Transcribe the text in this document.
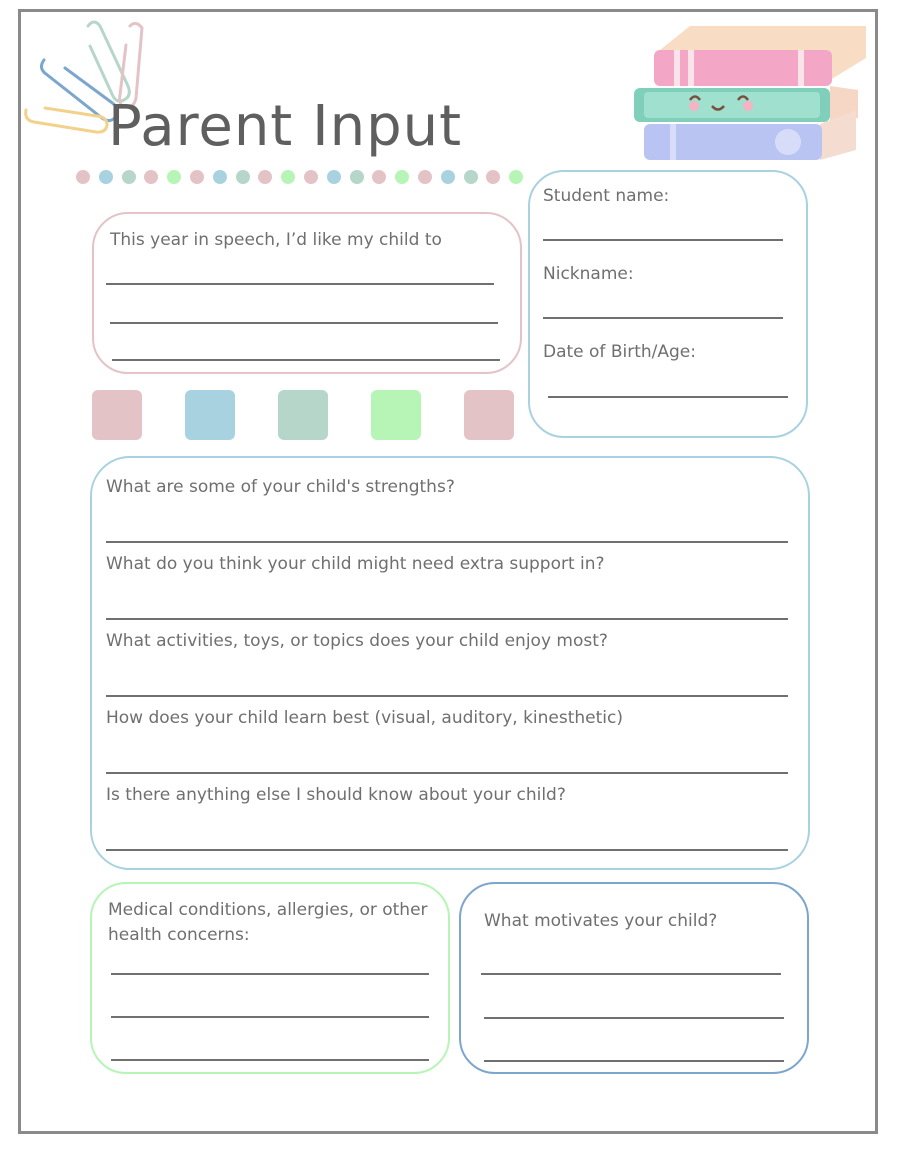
Parent Input
This year in speech, I’d like my child to
Student name:
Nickname:
Date of Birth/Age:
What are some of your child's strengths?
What do you think your child might need extra support in?
What activities, toys, or topics does your child enjoy most?
How does your child learn best (visual, auditory, kinesthetic)
Is there anything else I should know about your child?
Medical conditions, allergies, or other
health concerns:
What motivates your child?
